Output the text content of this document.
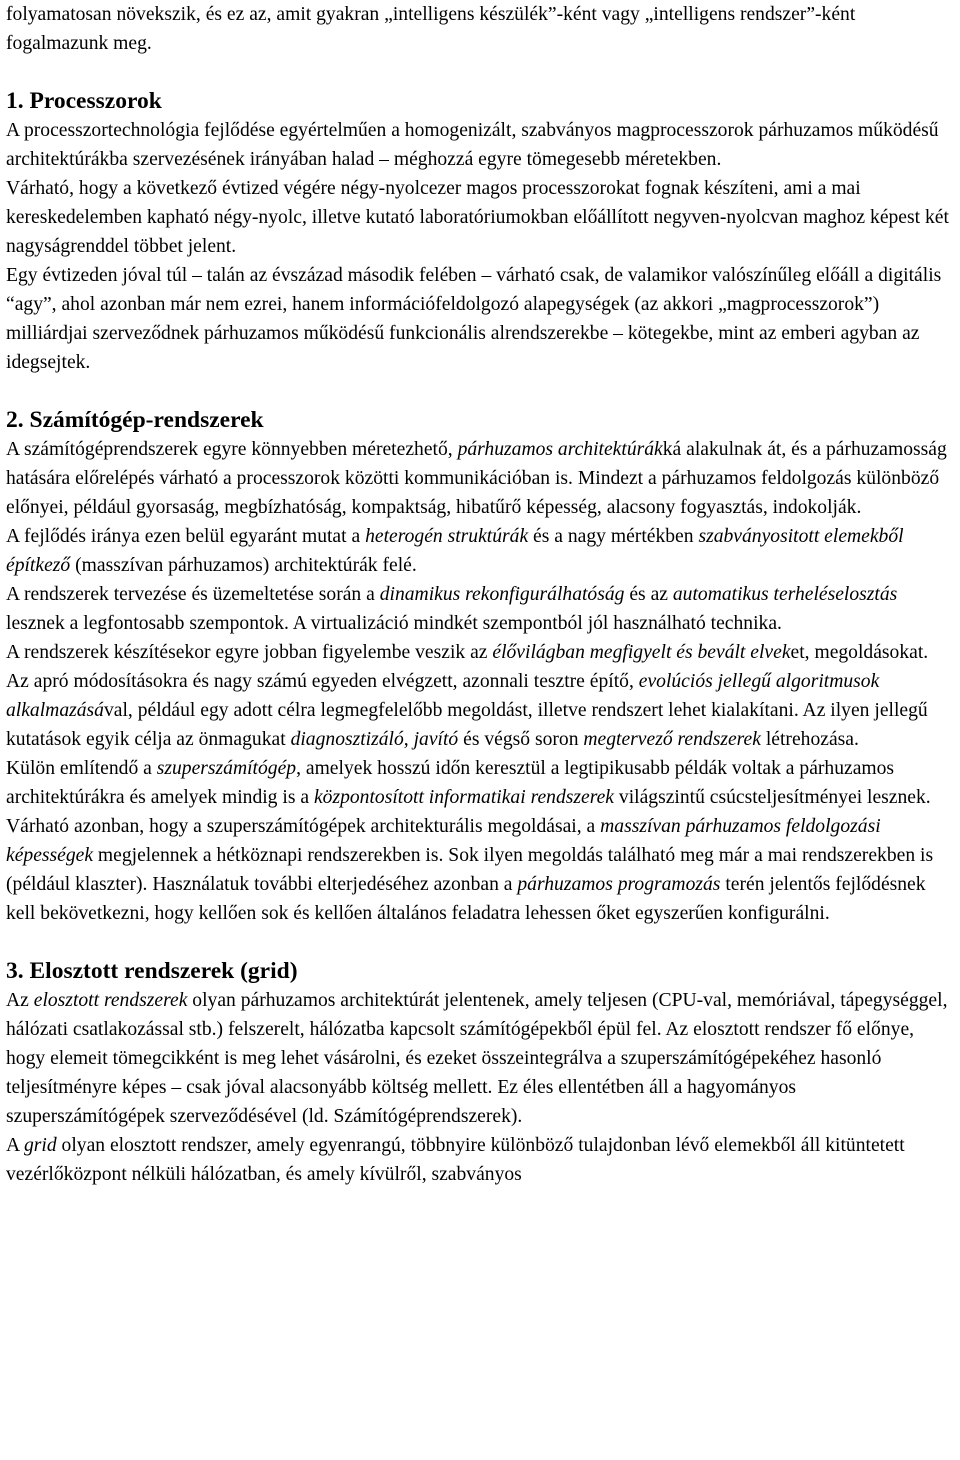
folyamatosan növekszik, és ez az, amit gyakran „intelligens készülék”-ként vagy „intelligens rendszer”-ként fogalmazunk meg.

1. Processzorok

A processzortechnológia fejlődése egyértelműen a homogenizált, szabványos magprocesszorok párhuzamos működésű architektúrákba szervezésének irányában halad – méghozzá egyre tömegesebb méretekben.

Várható, hogy a következő évtized végére négy-nyolcezer magos processzorokat fognak készíteni, ami a mai kereskedelemben kapható négy-nyolc, illetve kutató laboratóriumokban előállított negyven-nyolcvan maghoz képest két nagyságrenddel többet jelent.

Egy évtizeden jóval túl – talán az évszázad második felében – várható csak, de valamikor valószínűleg előáll a digitális “agy”, ahol azonban már nem ezrei, hanem információfeldolgozó alapegységek (az akkori „magprocesszorok”) milliárdjai szerveződnek párhuzamos működésű funkcionális alrendszerekbe – kötegekbe, mint az emberi agyban az idegsejtek.

2. Számítógép-rendszerek

A számítógéprendszerek egyre könnyebben méretezhető, párhuzamos architektúrákká alakulnak át, és a párhuzamosság hatására előrelépés várható a processzorok közötti kommunikációban is. Mindezt a párhuzamos feldolgozás különböző előnyei, például gyorsaság, megbízhatóság, kompaktság, hibatűrő képesség, alacsony fogyasztás, indokolják.

A fejlődés iránya ezen belül egyaránt mutat a heterogén struktúrák és a nagy mértékben szabványositott elemekből építkező (masszívan párhuzamos) architektúrák felé.

A rendszerek tervezése és üzemeltetése során a dinamikus rekonfigurálhatóság és az automatikus terheléselosztás lesznek a legfontosabb szempontok. A virtualizáció mindkét szempontból jól használható technika.

A rendszerek készítésekor egyre jobban figyelembe veszik az élővilágban megfigyelt és bevált elveket, megoldásokat. Az apró módosításokra és nagy számú egyeden elvégzett, azonnali tesztre építő, evolúciós jellegű algoritmusok alkalmazásával, például egy adott célra legmegfelelőbb megoldást, illetve rendszert lehet kialakítani. Az ilyen jellegű kutatások egyik célja az önmagukat diagnosztizáló, javító és végső soron megtervező rendszerek létrehozása.

Külön említendő a szuperszámítógép, amelyek hosszú időn keresztül a legtipikusabb példák voltak a párhuzamos architektúrákra és amelyek mindig is a központosított informatikai rendszerek világszintű csúcsteljesítményei lesznek.

Várható azonban, hogy a szuperszámítógépek architekturális megoldásai, a masszívan párhuzamos feldolgozási képességek megjelennek a hétköznapi rendszerekben is. Sok ilyen megoldás található meg már a mai rendszerekben is (például klaszter). Használatuk további elterjedéséhez azonban a párhuzamos programozás terén jelentős fejlődésnek kell bekövetkezni, hogy kellően sok és kellően általános feladatra lehessen őket egyszerűen konfigurálni.

3. Elosztott rendszerek (grid)

Az elosztott rendszerek olyan párhuzamos architektúrát jelentenek, amely teljesen (CPU-val, memóriával, tápegységgel, hálózati csatlakozással stb.) felszerelt, hálózatba kapcsolt számítógépekből épül fel. Az elosztott rendszer fő előnye, hogy elemeit tömegcikként is meg lehet vásárolni, és ezeket összeintegrálva a szuperszámítógépekéhez hasonló teljesítményre képes – csak jóval alacsonyább költség mellett. Ez éles ellentétben áll a hagyományos szuperszámítógépek szerveződésével (ld. Számítógéprendszerek).

A grid olyan elosztott rendszer, amely egyenrangú, többnyire különböző tulajdonban lévő elemekből áll kitüntetett vezérlőközpont nélküli hálózatban, és amely kívülről, szabványos
